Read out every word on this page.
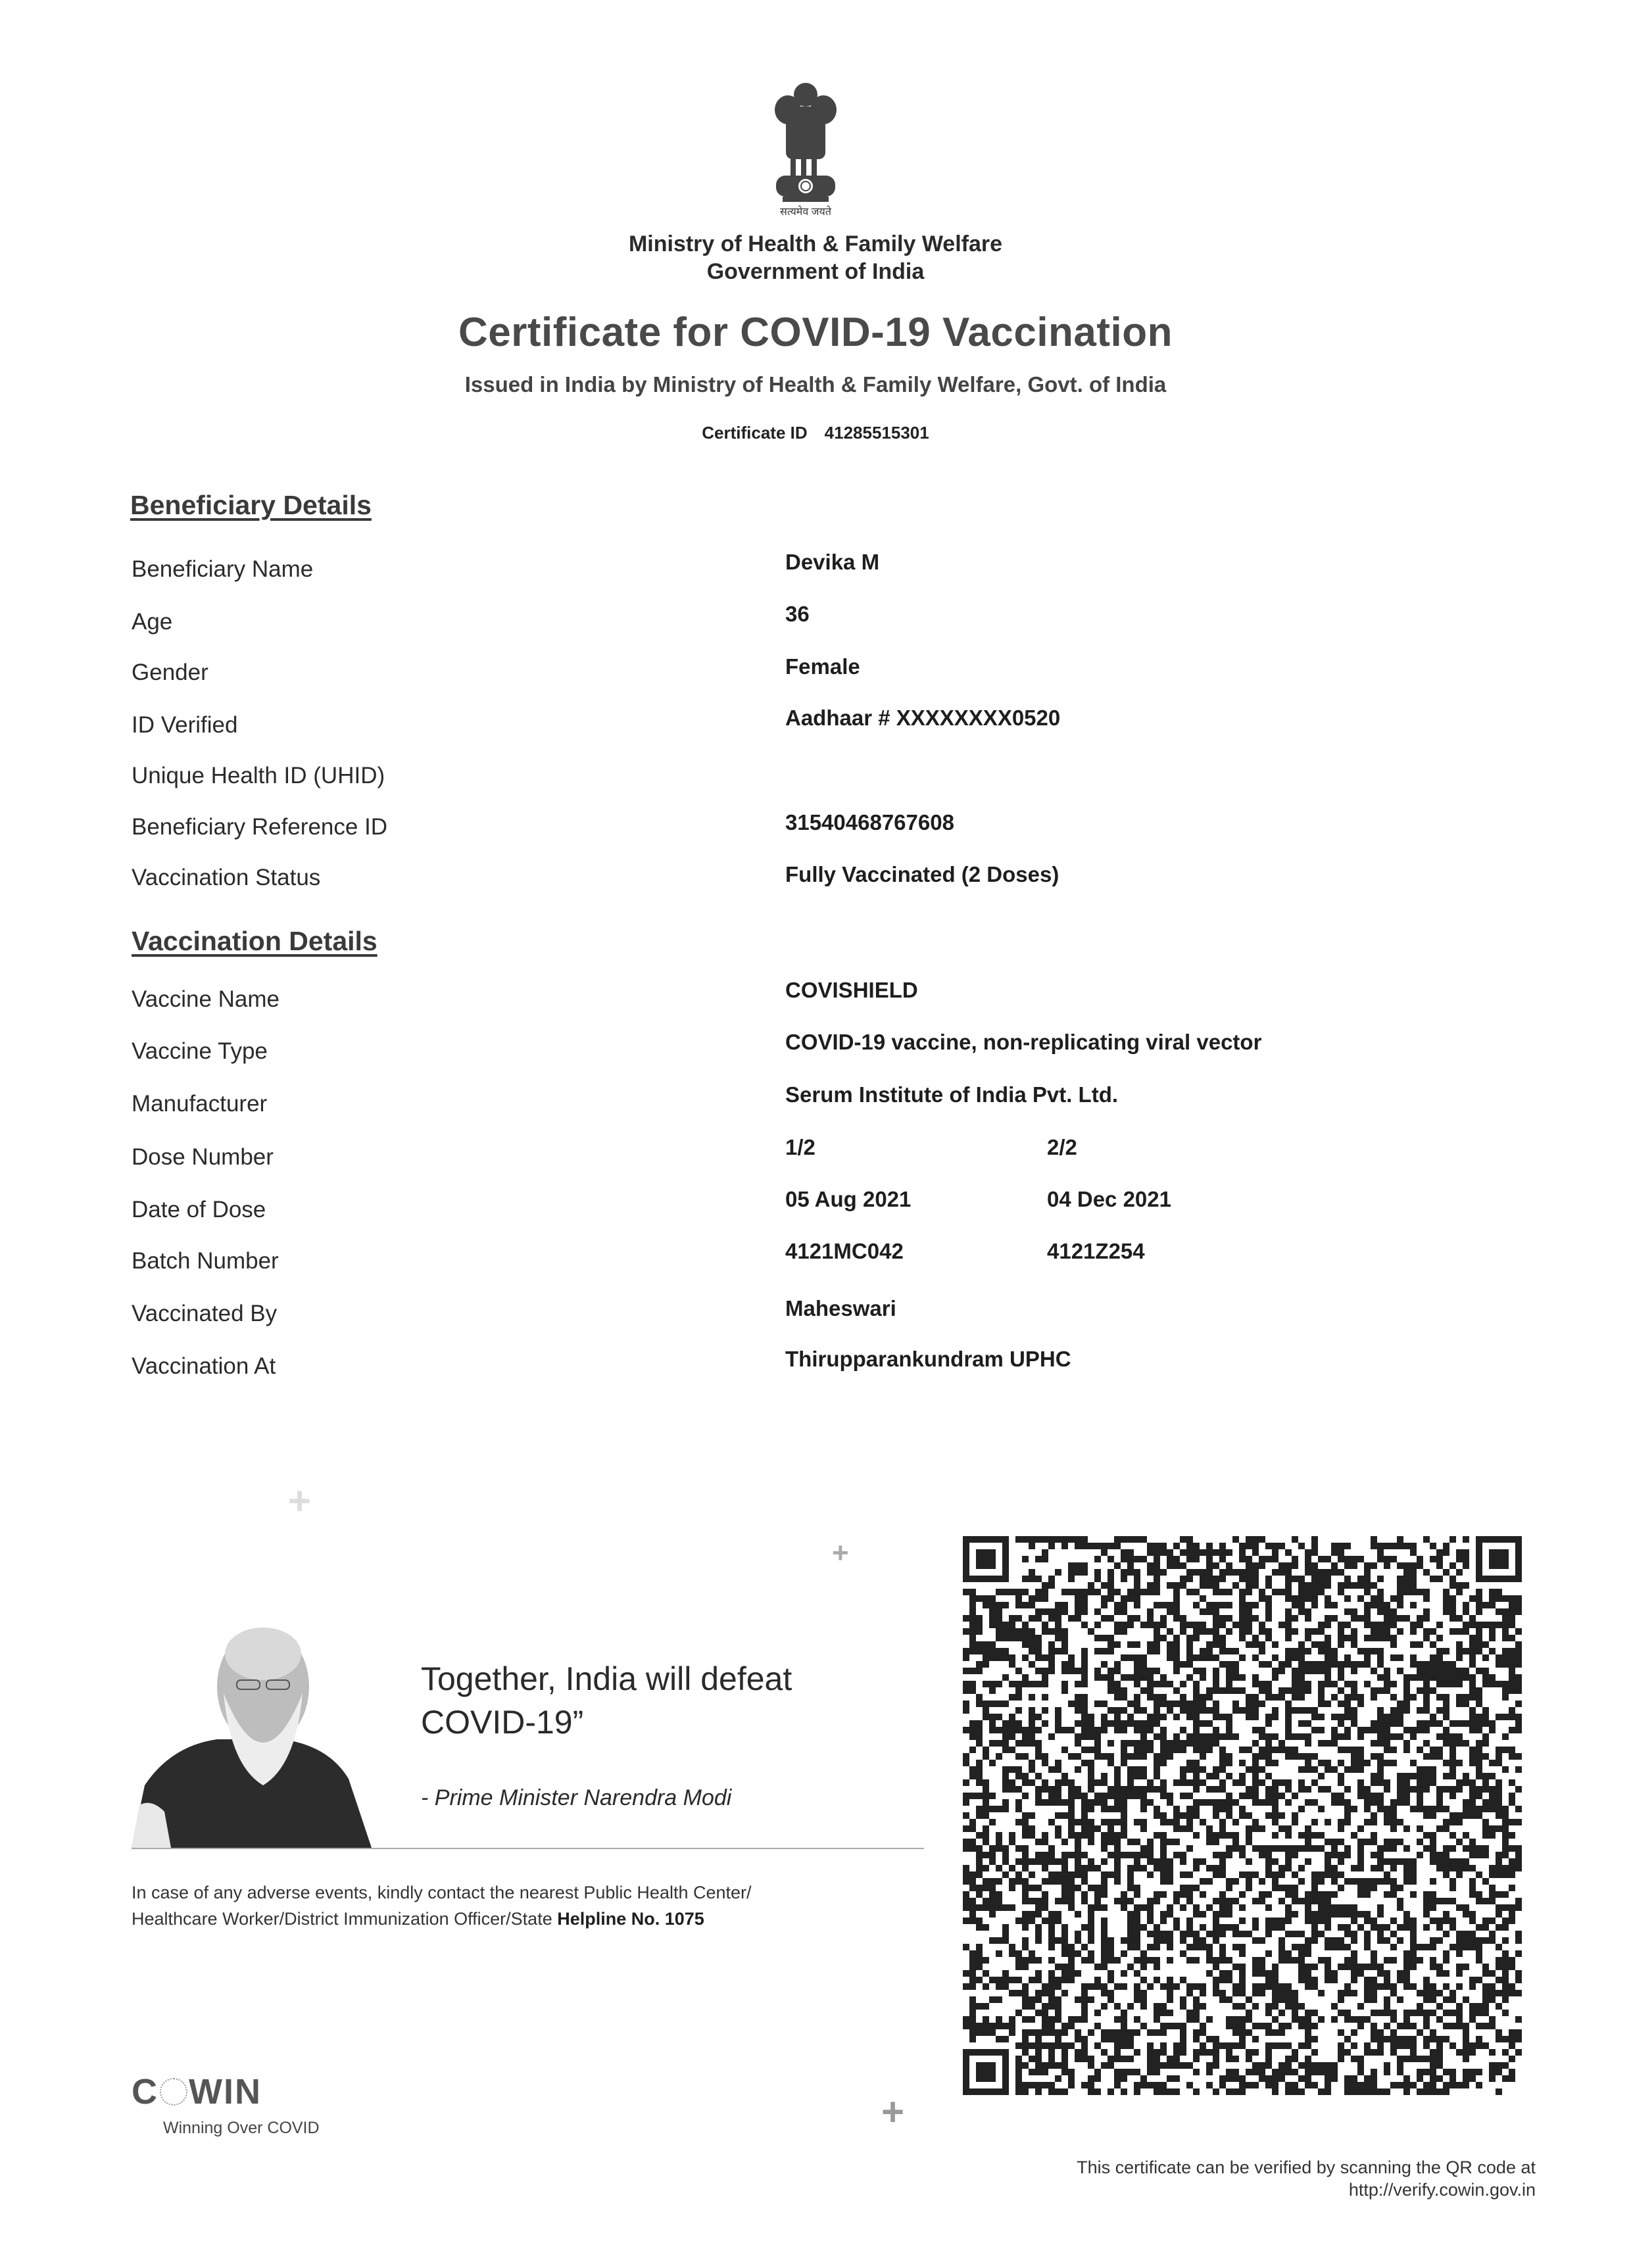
सत्यमेव जयते
Ministry of Health & Family Welfare
Government of India
Certificate for COVID-19 Vaccination
Issued in India by Ministry of Health & Family Welfare, Govt. of India
Certificate ID 41285515301
Beneficiary Details
Beneficiary Name	Devika M
Age	36
Gender	Female
ID Verified	Aadhaar # XXXXXXXX0520
Unique Health ID (UHID)
Beneficiary Reference ID	31540468767608
Vaccination Status	Fully Vaccinated (2 Doses)
Vaccination Details
Vaccine Name	COVISHIELD
Vaccine Type	COVID-19 vaccine, non-replicating viral vector
Manufacturer	Serum Institute of India Pvt. Ltd.
Dose Number	1/2	2/2
Date of Dose	05 Aug 2021	04 Dec 2021
Batch Number	4121MC042	4121Z254
Vaccinated By	Maheswari
Vaccination At	Thirupparankundram UPHC
+
+
+
Together, India will defeat
COVID-19”
- Prime Minister Narendra Modi
In case of any adverse events, kindly contact the nearest Public Health Center/
Healthcare Worker/District Immunization Officer/State Helpline No. 1075
C WIN
Winning Over COVID
This certificate can be verified by scanning the QR code at
http://verify.cowin.gov.in
